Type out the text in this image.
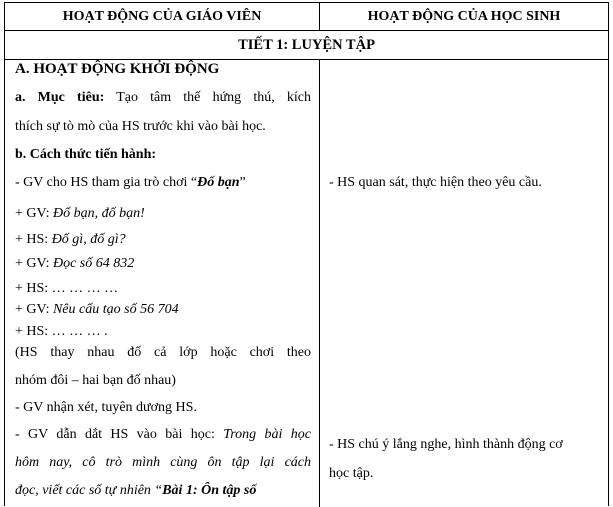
HOẠT ĐỘNG CỦA GIÁO VIÊN	HOẠT ĐỘNG CỦA HỌC SINH
TIẾT 1: LUYỆN TẬP
A. HOẠT ĐỘNG KHỞI ĐỘNG
a. Mục tiêu: Tạo tâm thế hứng thú, kích
thích sự tò mò của HS trước khi vào bài học.
b. Cách thức tiến hành:
- GV cho HS tham gia trò chơi “Đố bạn”
+ GV: Đố bạn, đố bạn!
+ HS: Đố gì, đố gì?
+ GV: Đọc số 64 832
+ HS: … … … …
+ GV: Nêu cấu tạo số 56 704
+ HS: … … … .
(HS thay nhau đố cả lớp hoặc chơi theo
nhóm đôi – hai bạn đố nhau)
- GV nhận xét, tuyên dương HS.
- GV dẫn dắt HS vào bài học: Trong bài học
hôm nay, cô trò mình cùng ôn tập lại cách
đọc, viết các số tự nhiên “Bài 1: Ôn tập số
- HS quan sát, thực hiện theo yêu cầu.
- HS chú ý lắng nghe, hình thành động cơ
học tập.
